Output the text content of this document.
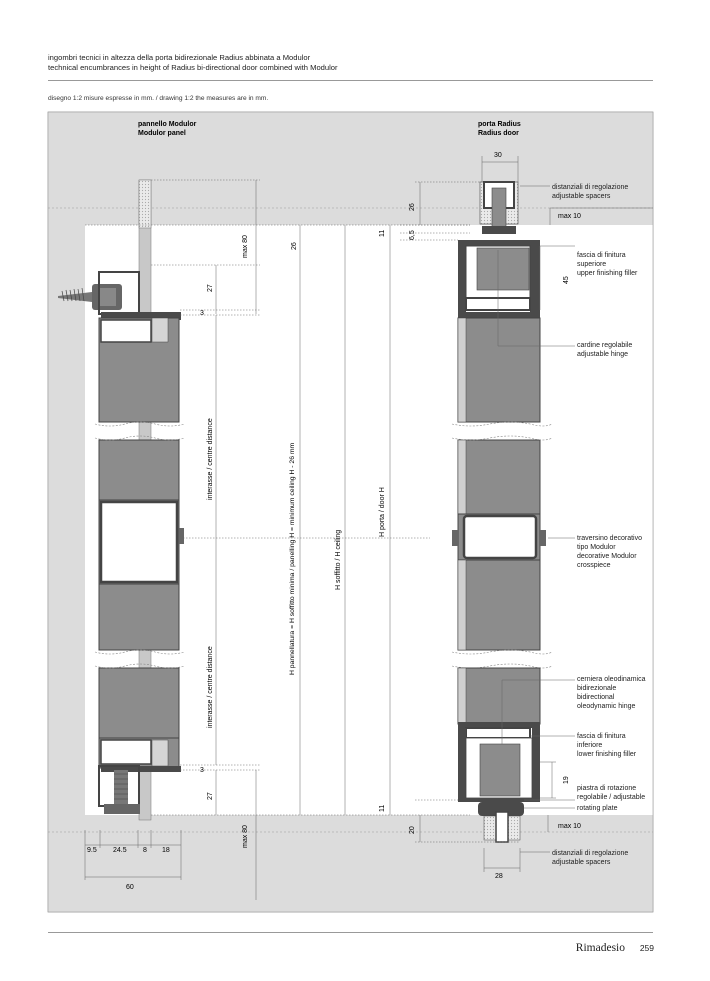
ingombri tecnici in altezza della porta bidirezionale Radius abbinata a Modulor
technical encumbrances in height of Radius bi-directional door combined with Modulor
disegno 1:2 misure espresse in mm. / drawing 1:2 the measures are in mm.
pannello Modulor
Modulor panel
porta Radius
Radius door
max 80	26
27
3
interasse / centre distance
interasse / centre distance
H pannellatura = H soffitto minima / panelling H = minimum ceiling H - 26 mm	H soffitto / H ceiling
H porta / door H
3
27
max 80
9.5 24.5 8 18
60
30
26
11	6,5
45
19
11
20
28
max 10
max 10
distanziali di regolazione
adjustable spacers
fascia di finitura
superiore
upper finishing filler
cardine regolabile
adjustable hinge
traversino decorativo
tipo Modulor
decorative Modulor
crosspiece
cerniera oleodinamica
bidirezionale
bidirectional
oleodynamic hinge
fascia di finitura
inferiore
lower finishing filler
piastra di rotazione
regolabile / adjustable
rotating plate
distanziali di regolazione
adjustable spacers
Rimadesio 259
